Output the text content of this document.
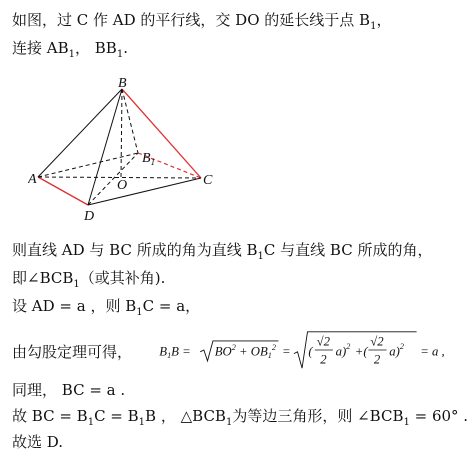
如图，过 C 作 AD 的平行线，交 DO 的延长线于点 $B_1$，
连接 $AB_1$， $BB_1$.
B
$B_1$
A	O	C
D
则直线 AD 与 BC 所成的角为直线 $B_1C$ 与直线 BC 所成的角，
即$\angle BCB_1$（或其补角).
设 AD = a ，则 $B_1C = a$，
由勾股定理可得， $B_1B = BO^2 + OB_1^2$ = (
√2
2
a)$^2$ +(
√2
2
a)$^2$ = a ,
同理， BC = a .
故 BC = $B_1C = B_1B$ ， $\triangle BCB_1$为等边三角形，则 $\angle BCB_1 = 60^\circ$ .
故选 D.
